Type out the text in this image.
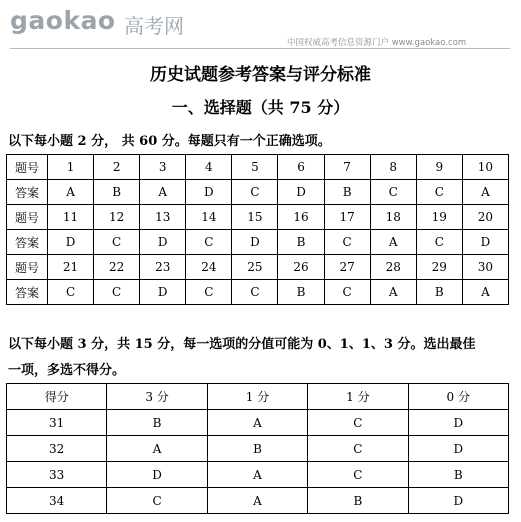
gaokao 高考网
中国权威高考信息资源门户 www.gaokao.com
历史试题参考答案与评分标准
一、选择题（共 75 分）
以下每小题 2 分， 共 60 分。每题只有一个正确选项。
题号	1	2	3	4	5	6	7	8	9	10
答案	A	B	A	D	C	D	B	C	C	A
题号	11	12	13	14	15	16	17	18	19	20
答案	D	C	D	C	D	B	C	A	C	D
题号	21	22	23	24	25	26	27	28	29	30
答案	C	C	D	C	C	B	C	A	B	A
以下每小题 3 分，共 15 分，每一选项的分值可能为 0、1、1、3 分。选出最佳
一项，多选不得分。
得分	3 分	1 分	1 分	0 分
31	B	A	C	D
32	A	B	C	D
33	D	A	C	B
34	C	A	B	D
